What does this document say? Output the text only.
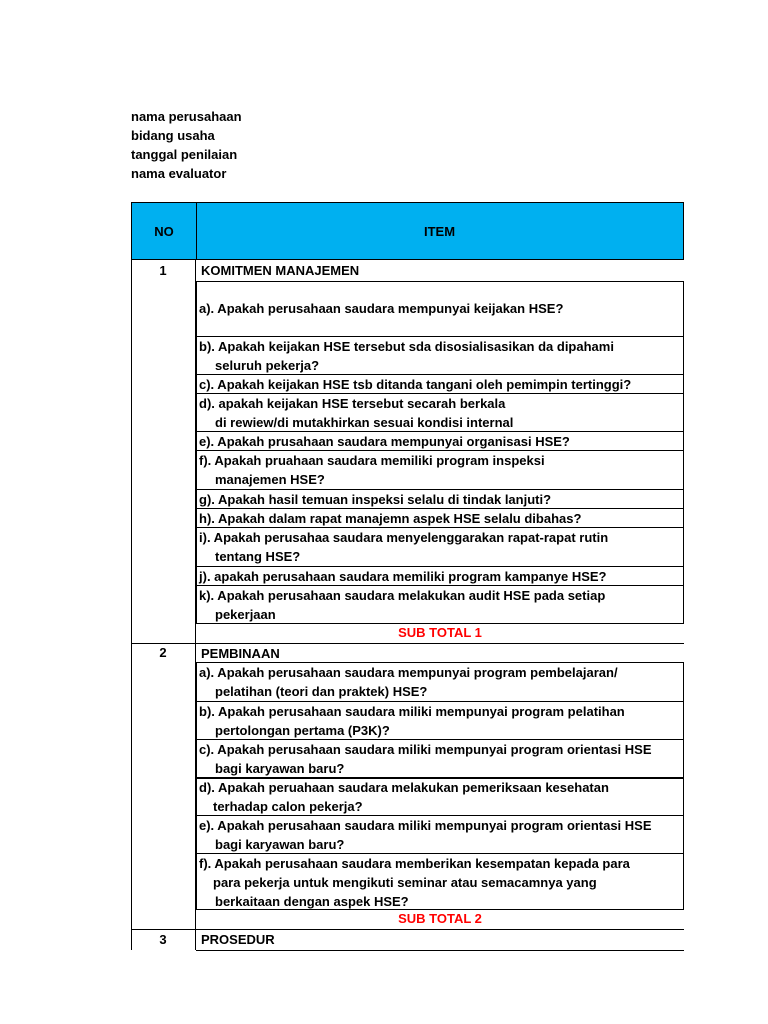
nama perusahaan
bidang usaha
tanggal penilaian
nama evaluator
NO	ITEM
1	KOMITMEN MANAJEMEN
a). Apakah perusahaan saudara mempunyai keijakan HSE?
b). Apakah keijakan HSE tersebut sda disosialisasikan da dipahami
seluruh pekerja?
c). Apakah keijakan HSE tsb ditanda tangani oleh pemimpin tertinggi?
d). apakah keijakan HSE tersebut secarah berkala
di rewiew/di mutakhirkan sesuai kondisi internal
e). Apakah prusahaan saudara mempunyai organisasi HSE?
f). Apakah pruahaan saudara memiliki program inspeksi
manajemen HSE?
g). Apakah hasil temuan inspeksi selalu di tindak lanjuti?
h). Apakah dalam rapat manajemn aspek HSE selalu dibahas?
i). Apakah perusahaa saudara menyelenggarakan rapat-rapat rutin
tentang HSE?
j). apakah perusahaan saudara memiliki program kampanye HSE?
k). Apakah perusahaan saudara melakukan audit HSE pada setiap
pekerjaan
SUB TOTAL 1
2	PEMBINAAN
a). Apakah perusahaan saudara mempunyai program pembelajaran/
pelatihan (teori dan praktek) HSE?
b). Apakah perusahaan saudara miliki mempunyai program pelatihan
pertolongan pertama (P3K)?
c). Apakah perusahaan saudara miliki mempunyai program orientasi HSE
bagi karyawan baru?
d). Apakah peruahaan saudara melakukan pemeriksaan kesehatan
terhadap calon pekerja?
e). Apakah perusahaan saudara miliki mempunyai program orientasi HSE
bagi karyawan baru?
f). Apakah perusahaan saudara memberikan kesempatan kepada para
para pekerja untuk mengikuti seminar atau semacamnya yang
berkaitaan dengan aspek HSE?
SUB TOTAL 2
3	PROSEDUR
